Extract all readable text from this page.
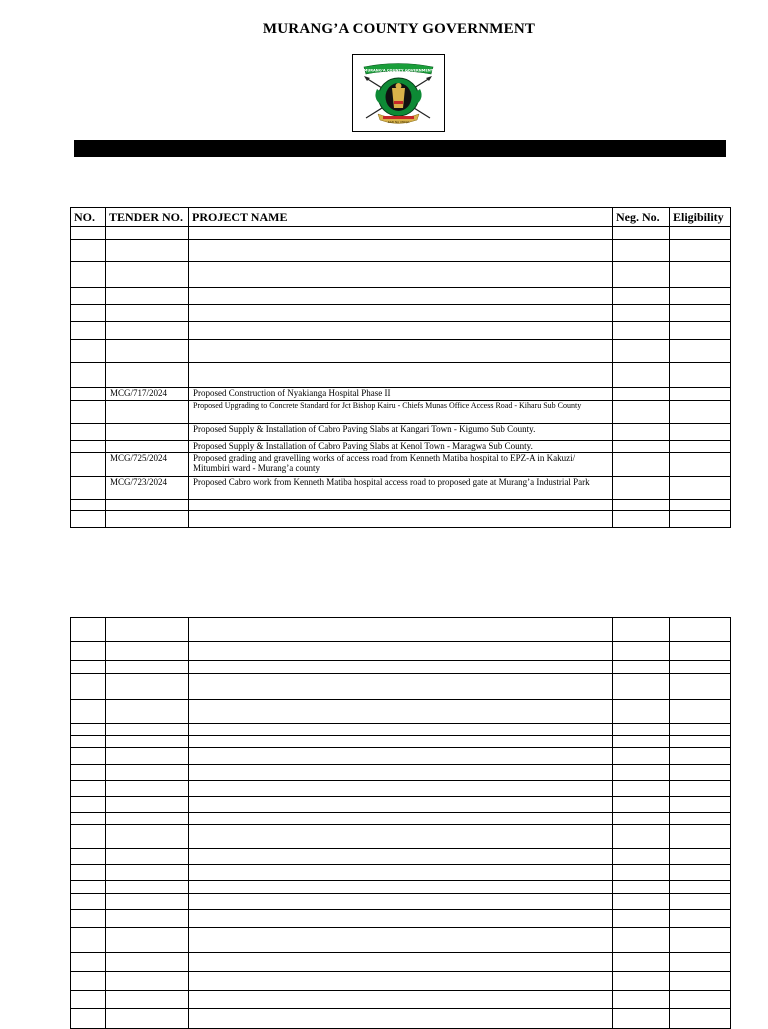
MURANG’A COUNTY GOVERNMENT
MURANG'A COUNTY GOVERNMENT
KAZI NA UMOJA
NO.	TENDER NO.	PROJECT NAME	Neg. No.	Eligibility

	MCG/717/2024	Proposed Construction of Nyakianga Hospital Phase II		
		Proposed Upgrading to Concrete Standard for Jct Bishop Kairu - Chiefs Munas Office Access Road - Kiharu Sub County		
		Proposed Supply & Installation of Cabro Paving Slabs at Kangari Town - Kigumo Sub County.		
		Proposed Supply & Installation of Cabro Paving Slabs at Kenol Town - Maragwa Sub County.		
	MCG/725/2024	Proposed grading and gravelling works of access road from Kenneth Matiba hospital to EPZ-A in Kakuzi/ Mitumbiri ward - Murang’a county		
	MCG/723/2024	Proposed Cabro work from Kenneth Matiba hospital access road to proposed gate at Murang’a Industrial Park		
